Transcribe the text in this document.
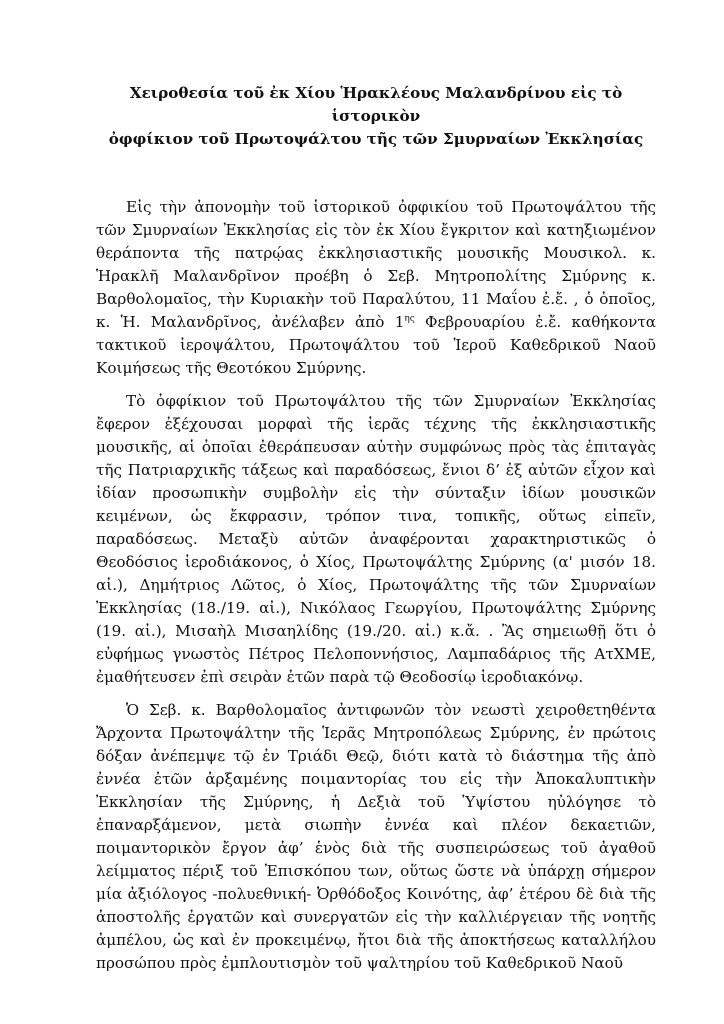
Χειροθεσία τοῦ ἐκ Χίου Ἡρακλέους Μαλανδρίνου εἰς τὸ ἱστορικὸν
ὀφφίκιον τοῦ Πρωτοψάλτου τῆς τῶν Σμυρναίων Ἐκκλησίας

Εἰς τὴν ἀπονομὴν τοῦ ἱστορικοῦ ὀφφικίου τοῦ Πρωτοψάλτου τῆς τῶν Σμυρναίων Ἐκκλησίας εἰς τὸν ἐκ Χίου ἔγκριτον καὶ κατηξιωμένον θεράποντα τῆς πατρῴας ἐκκλησιαστικῆς μουσικῆς Μουσικολ. κ. Ἡρακλῆ Μαλανδρῖνον προέβη ὁ Σεβ. Μητροπολίτης Σμύρνης κ. Βαρθολομαῖος, τὴν Κυριακὴν τοῦ Παραλύτου, 11 Μαΐου ἐ.ἔ. , ὁ ὁποῖος, κ. Ἡ. Μαλανδρῖνος, ἀνέλαβεν ἀπὸ $1^{\eta\varsigma}$ Φεβρουαρίου ἐ.ἔ. καθήκοντα τακτικοῦ ἱεροψάλτου, Πρωτοψάλτου τοῦ Ἱεροῦ Καθεδρικοῦ Ναοῦ Κοιμήσεως τῆς Θεοτόκου Σμύρνης.

Τὸ ὀφφίκιον τοῦ Πρωτοψάλτου τῆς τῶν Σμυρναίων Ἐκκλησίας ἔφερον ἐξέχουσαι μορφαὶ τῆς ἱερᾶς τέχνης τῆς ἐκκλησιαστικῆς μουσικῆς, αἱ ὁποῖαι ἐθεράπευσαν αὐτὴν συμφώνως πρὸς τὰς ἐπιταγὰς τῆς Πατριαρχικῆς τάξεως καὶ παραδόσεως, ἔνιοι δ’ ἐξ αὐτῶν εἶχον καὶ ἰδίαν προσωπικὴν συμβολὴν εἰς τὴν σύνταξιν ἰδίων μουσικῶν κειμένων, ὡς ἔκφρασιν, τρόπον τινα, τοπικῆς, οὕτως εἰπεῖν, παραδόσεως. Μεταξὺ αὐτῶν ἀναφέρονται χαρακτηριστικῶς ὁ Θεοδόσιος ἱεροδιάκονος, ὁ Χίος, Πρωτοψάλτης Σμύρνης (α' μισόν 18. αἰ.), Δημήτριος Λῶτος, ὁ Χίος, Πρωτοψάλτης τῆς τῶν Σμυρναίων Ἐκκλησίας (18./19. αἰ.), Νικόλαος Γεωργίου, Πρωτοψάλτης Σμύρνης (19. αἰ.), Μισαὴλ Μισαηλίδης (19./20. αἰ.) κ.ἄ. . Ἂς σημειωθῇ ὅτι ὁ εὐφήμως γνωστὸς Πέτρος Πελοποννήσιος, Λαμπαδάριος τῆς ΑτΧΜΕ, ἐμαθήτευσεν ἐπὶ σειρὰν ἐτῶν παρὰ τῷ Θεοδοσίῳ ἱεροδιακόνῳ.

Ὁ Σεβ. κ. Βαρθολομαῖος ἀντιφωνῶν τὸν νεωστὶ χειροθετηθέντα Ἄρχοντα Πρωτοψάλτην τῆς Ἱερᾶς Μητροπόλεως Σμύρνης, ἐν πρώτοις δόξαν ἀνέπεμψε τῷ ἐν Τριάδι Θεῷ, διότι κατὰ τὸ διάστημα τῆς ἀπὸ ἐννέα ἐτῶν ἀρξαμένης ποιμαντορίας του εἰς τὴν Ἀποκαλυπτικὴν Ἐκκλησίαν τῆς Σμύρνης, ἡ Δεξιὰ τοῦ Ὑψίστου ηὐλόγησε τὸ ἐπαναρξάμενον, μετὰ σιωπὴν ἐννέα καὶ πλέον δεκαετιῶν, ποιμαντορικὸν ἔργον ἀφ’ ἑνὸς διὰ τῆς συσπειρώσεως τοῦ ἀγαθοῦ λείμματος πέριξ τοῦ Ἐπισκόπου των, οὕτως ὥστε νὰ ὑπάρχῃ σήμερον μία ἀξιόλογος -πολυεθνική- Ὀρθόδοξος Κοινότης, ἀφ’ ἑτέρου δὲ διὰ τῆς ἀποστολῆς ἐργατῶν καὶ συνεργατῶν εἰς τὴν καλλιέργειαν τῆς νοητῆς ἀμπέλου, ὡς καὶ ἐν προκειμένῳ, ἤτοι διὰ τῆς ἀποκτήσεως καταλλήλου προσώπου πρὸς ἐμπλουτισμὸν τοῦ ψαλτηρίου τοῦ Καθεδρικοῦ Ναοῦ
